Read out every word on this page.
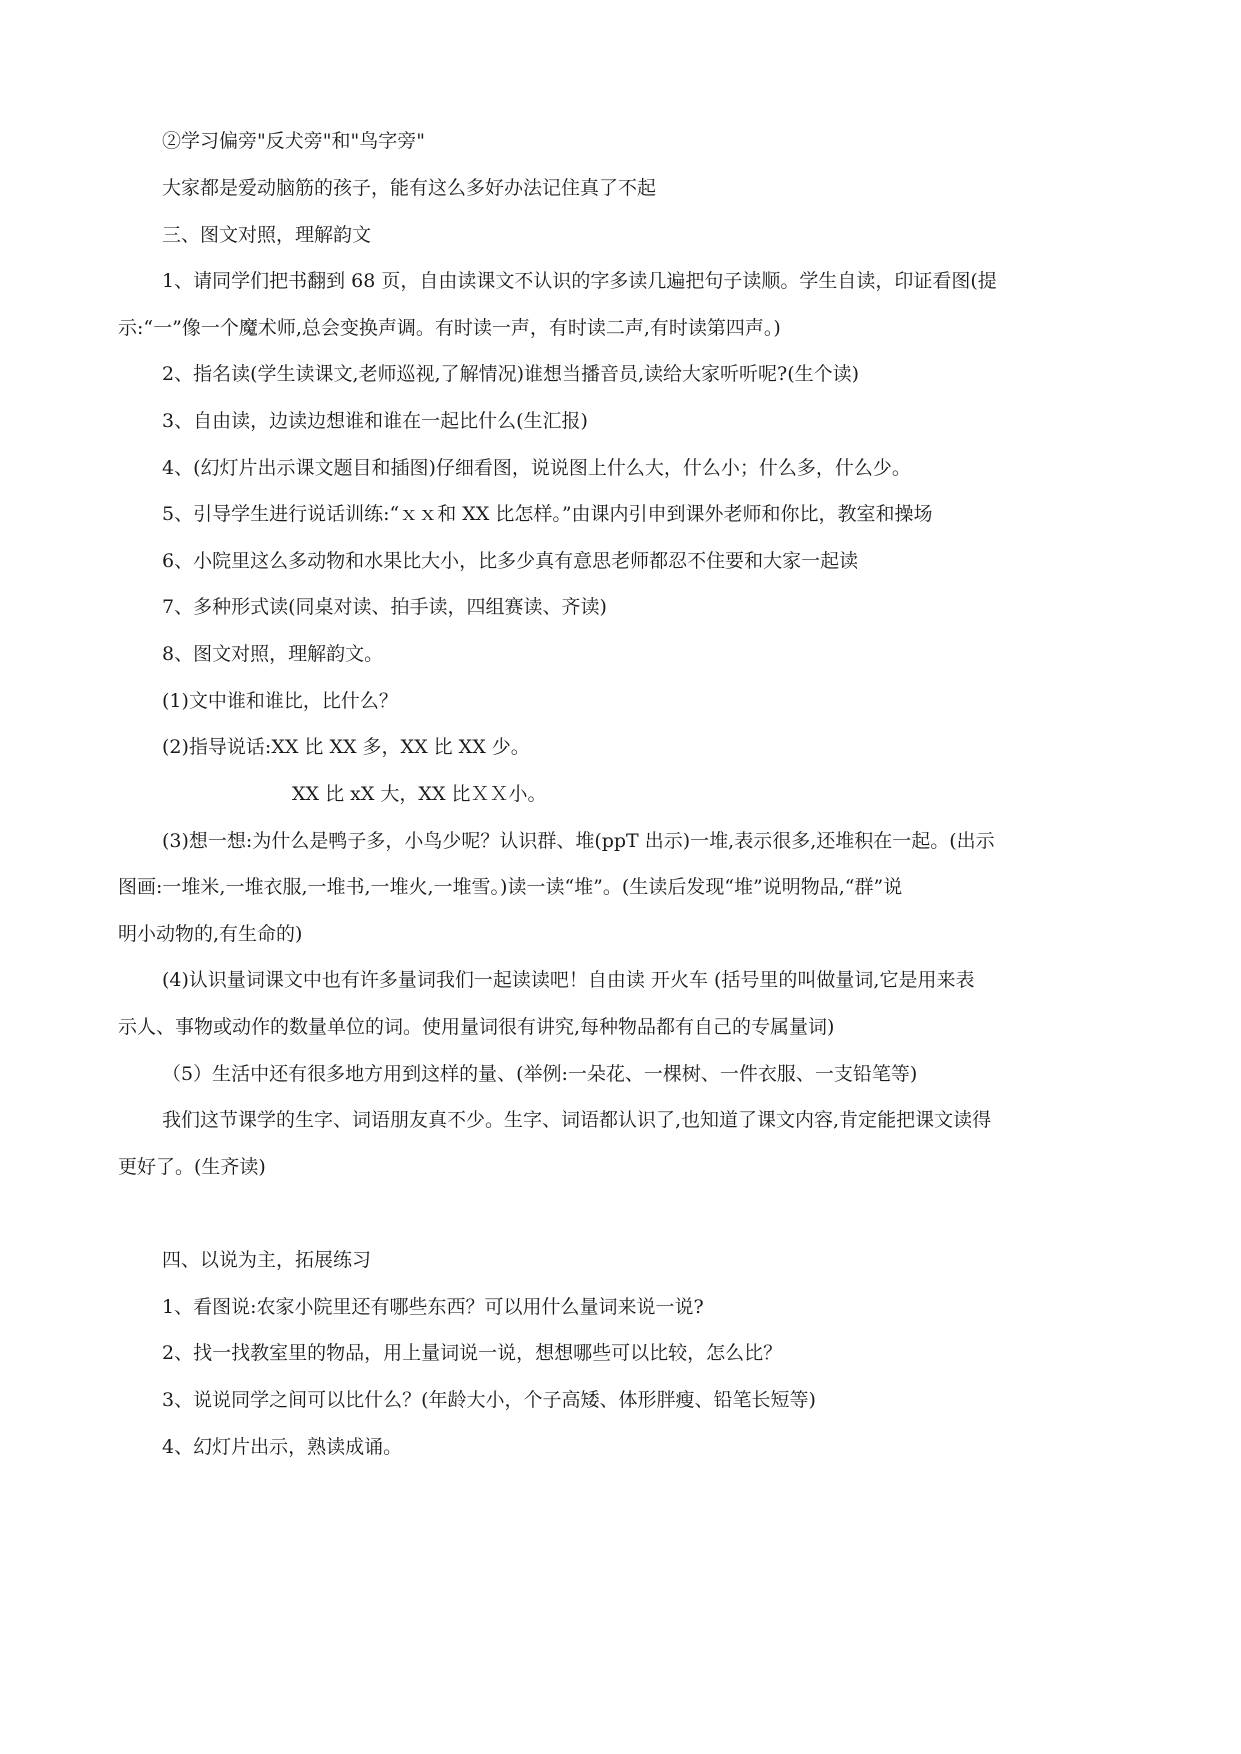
②学习偏旁"反犬旁"和"鸟字旁"
大家都是爱动脑筋的孩子，能有这么多好办法记住真了不起
三、图文对照，理解韵文
1、请同学们把书翻到 68 页，自由读课文不认识的字多读几遍把句子读顺。学生自读，印证看图(提
示:“一”像一个魔术师,总会变换声调。有时读一声，有时读二声,有时读第四声。)
2、指名读(学生读课文,老师巡视,了解情况)谁想当播音员,读给大家听听呢?(生个读)
3、自由读，边读边想谁和谁在一起比什么(生汇报)
4、(幻灯片出示课文题目和插图)仔细看图，说说图上什么大，什么小；什么多，什么少。
5、引导学生进行说话训练:“ｘｘ和 XX 比怎样。”由课内引申到课外老师和你比，教室和操场
6、小院里这么多动物和水果比大小，比多少真有意思老师都忍不住要和大家一起读
7、多种形式读(同桌对读、拍手读，四组赛读、齐读)
8、图文对照，理解韵文。
(1)文中谁和谁比，比什么？
(2)指导说话:XX 比 XX 多，XX 比 XX 少。
XX 比 xX 大，XX 比ＸＸ小。
(3)想一想:为什么是鸭子多，小鸟少呢？认识群、堆(ppT 出示)一堆,表示很多,还堆积在一起。(出示
图画:一堆米,一堆衣服,一堆书,一堆火,一堆雪。)读一读“堆”。(生读后发现“堆”说明物品,“群”说
明小动物的,有生命的)
(4)认识量词课文中也有许多量词我们一起读读吧！自由读 开火车 (括号里的叫做量词,它是用来表
示人、事物或动作的数量单位的词。使用量词很有讲究,每种物品都有自己的专属量词)
（5）生活中还有很多地方用到这样的量、(举例:一朵花、一棵树、一件衣服、一支铅笔等)
我们这节课学的生字、词语朋友真不少。生字、词语都认识了,也知道了课文内容,肯定能把课文读得
更好了。(生齐读)
四、以说为主，拓展练习
1、看图说:农家小院里还有哪些东西？可以用什么量词来说一说?
2、找一找教室里的物品，用上量词说一说，想想哪些可以比较，怎么比？
3、说说同学之间可以比什么？(年龄大小，个子高矮、体形胖瘦、铅笔长短等)
4、幻灯片出示，熟读成诵。
